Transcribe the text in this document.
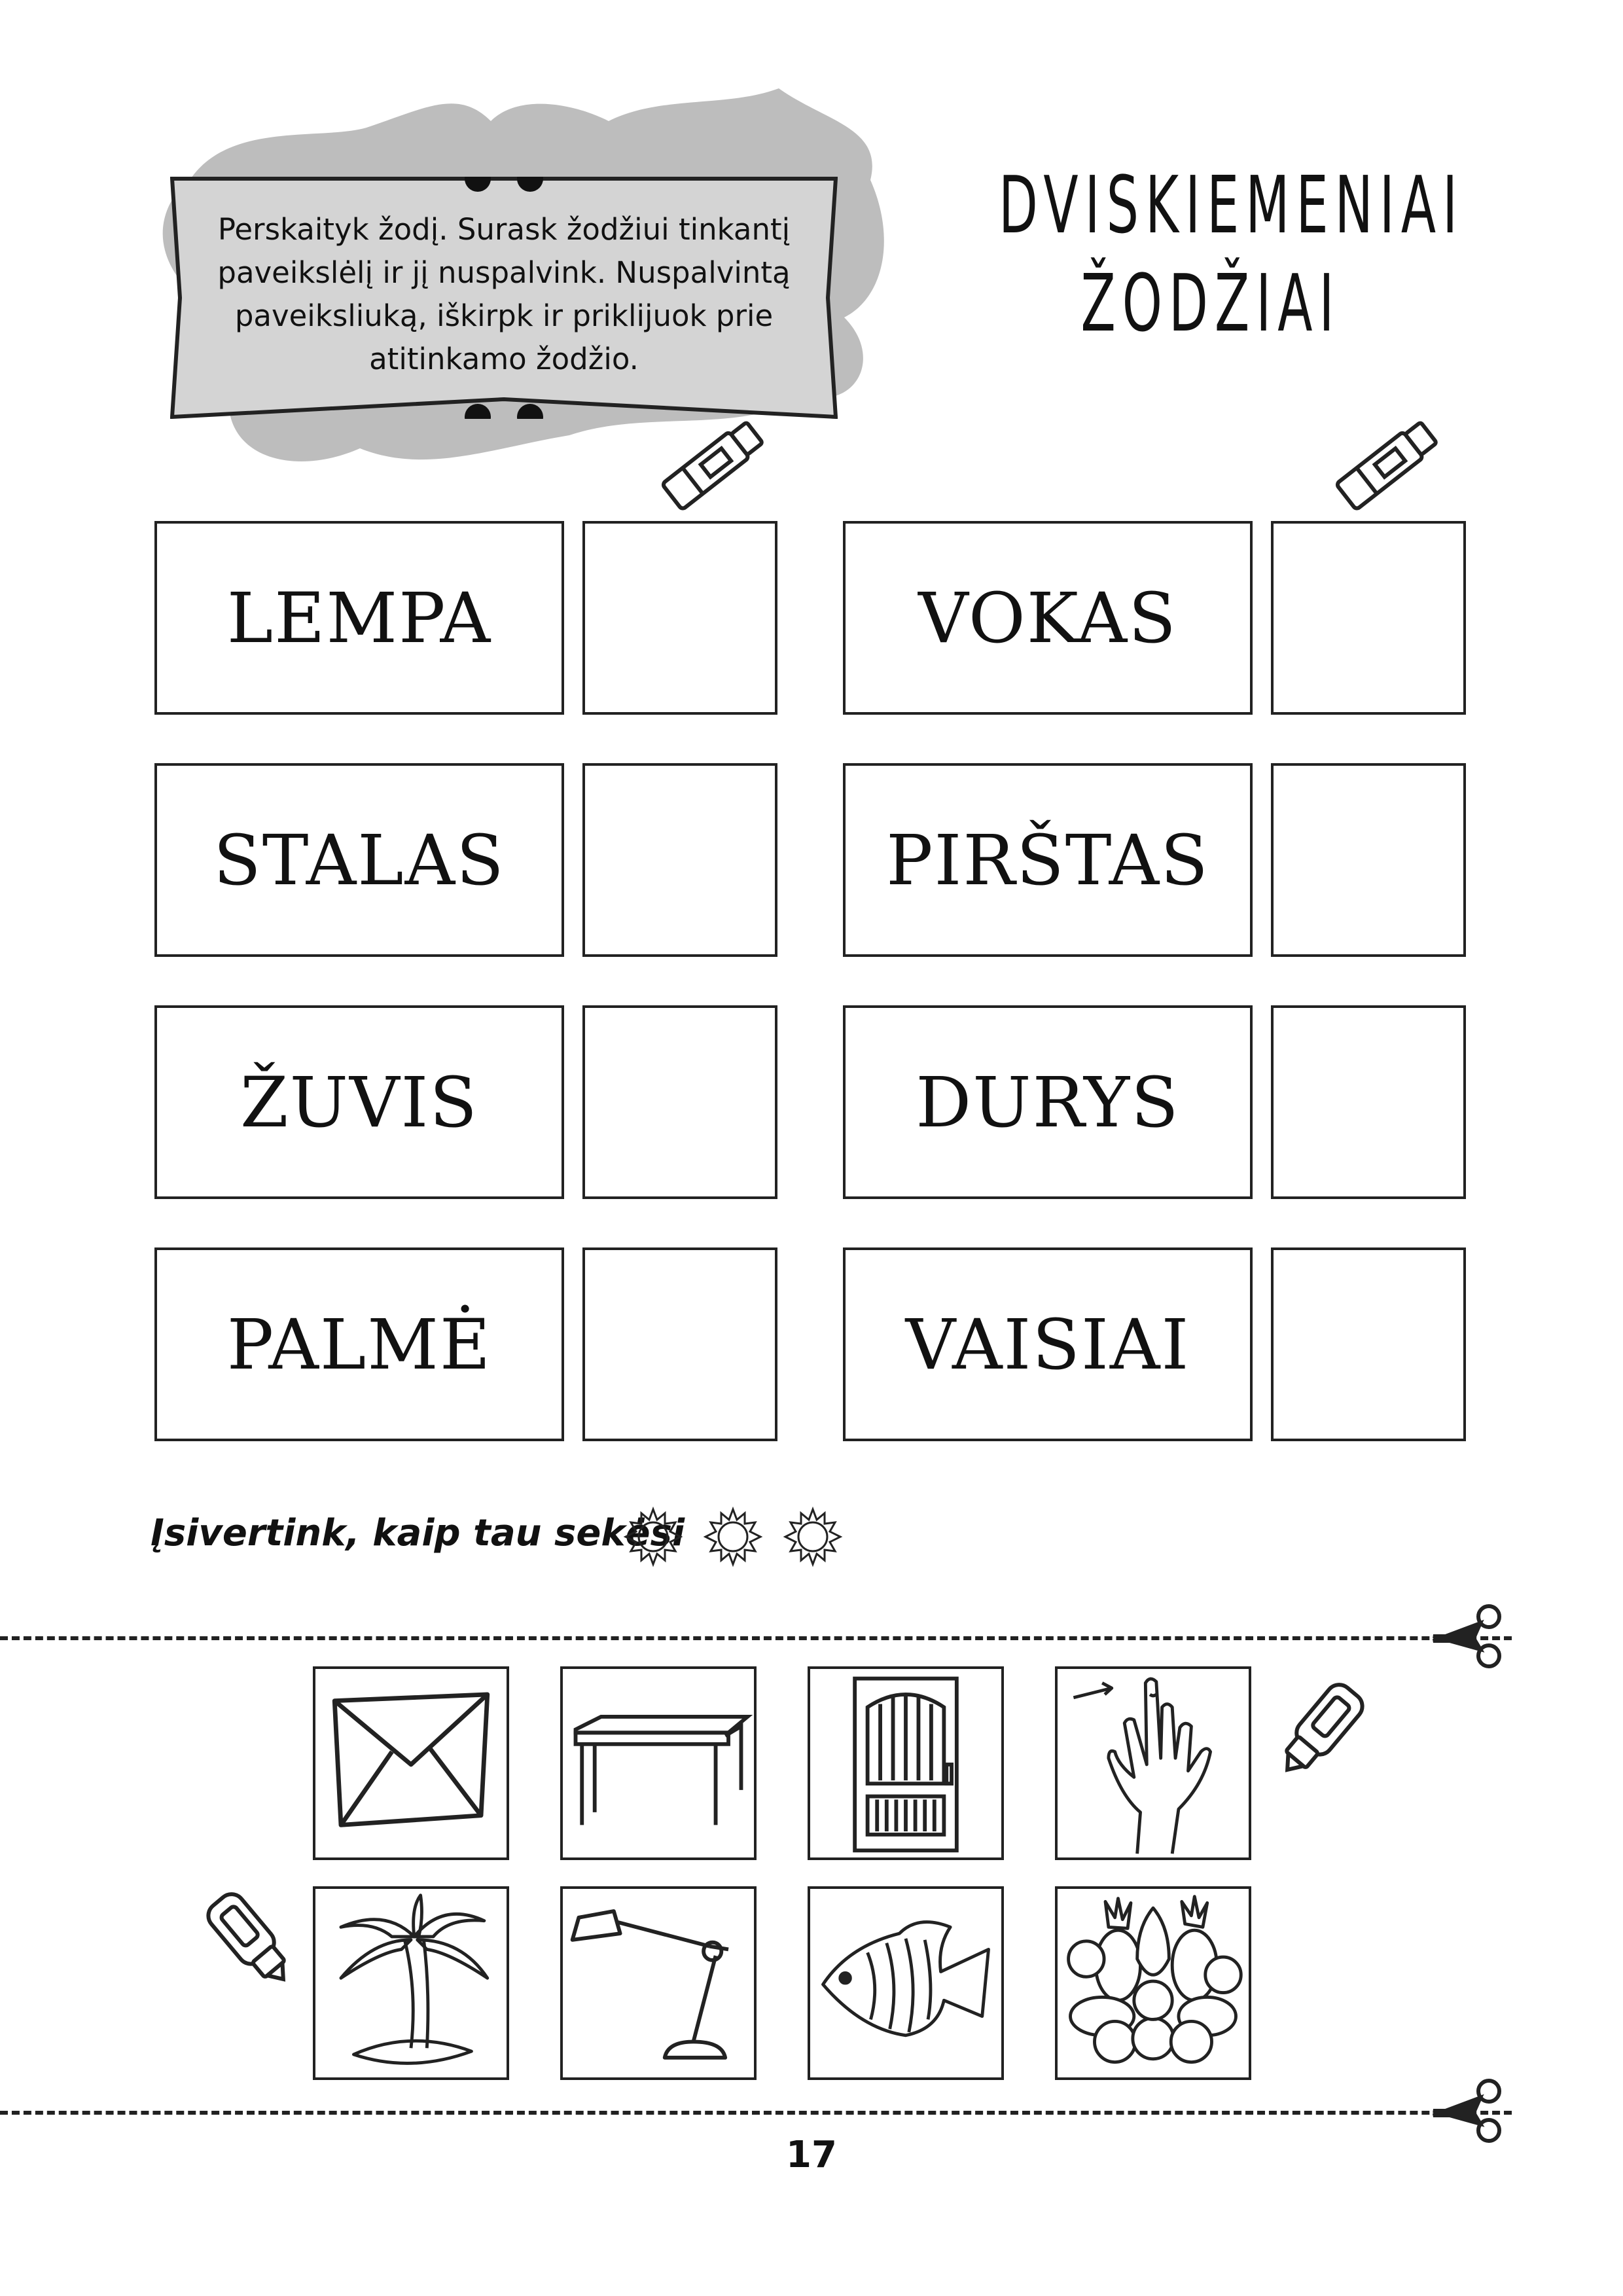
Perskaityk žodį. Surask žodžiui tinkantį
paveikslėlį ir jį nuspalvink. Nuspalvintą
paveiksliuką, iškirpk ir priklijuok prie
atitinkamo žodžio.
DVISKIEMENIAI
ŽODŽIAI
LEMPA
STALAS
ŽUVIS
PALMĖ
VOKAS
PIRŠTAS
DURYS
VAISIAI
Įsivertink, kaip tau sekėsi
17
